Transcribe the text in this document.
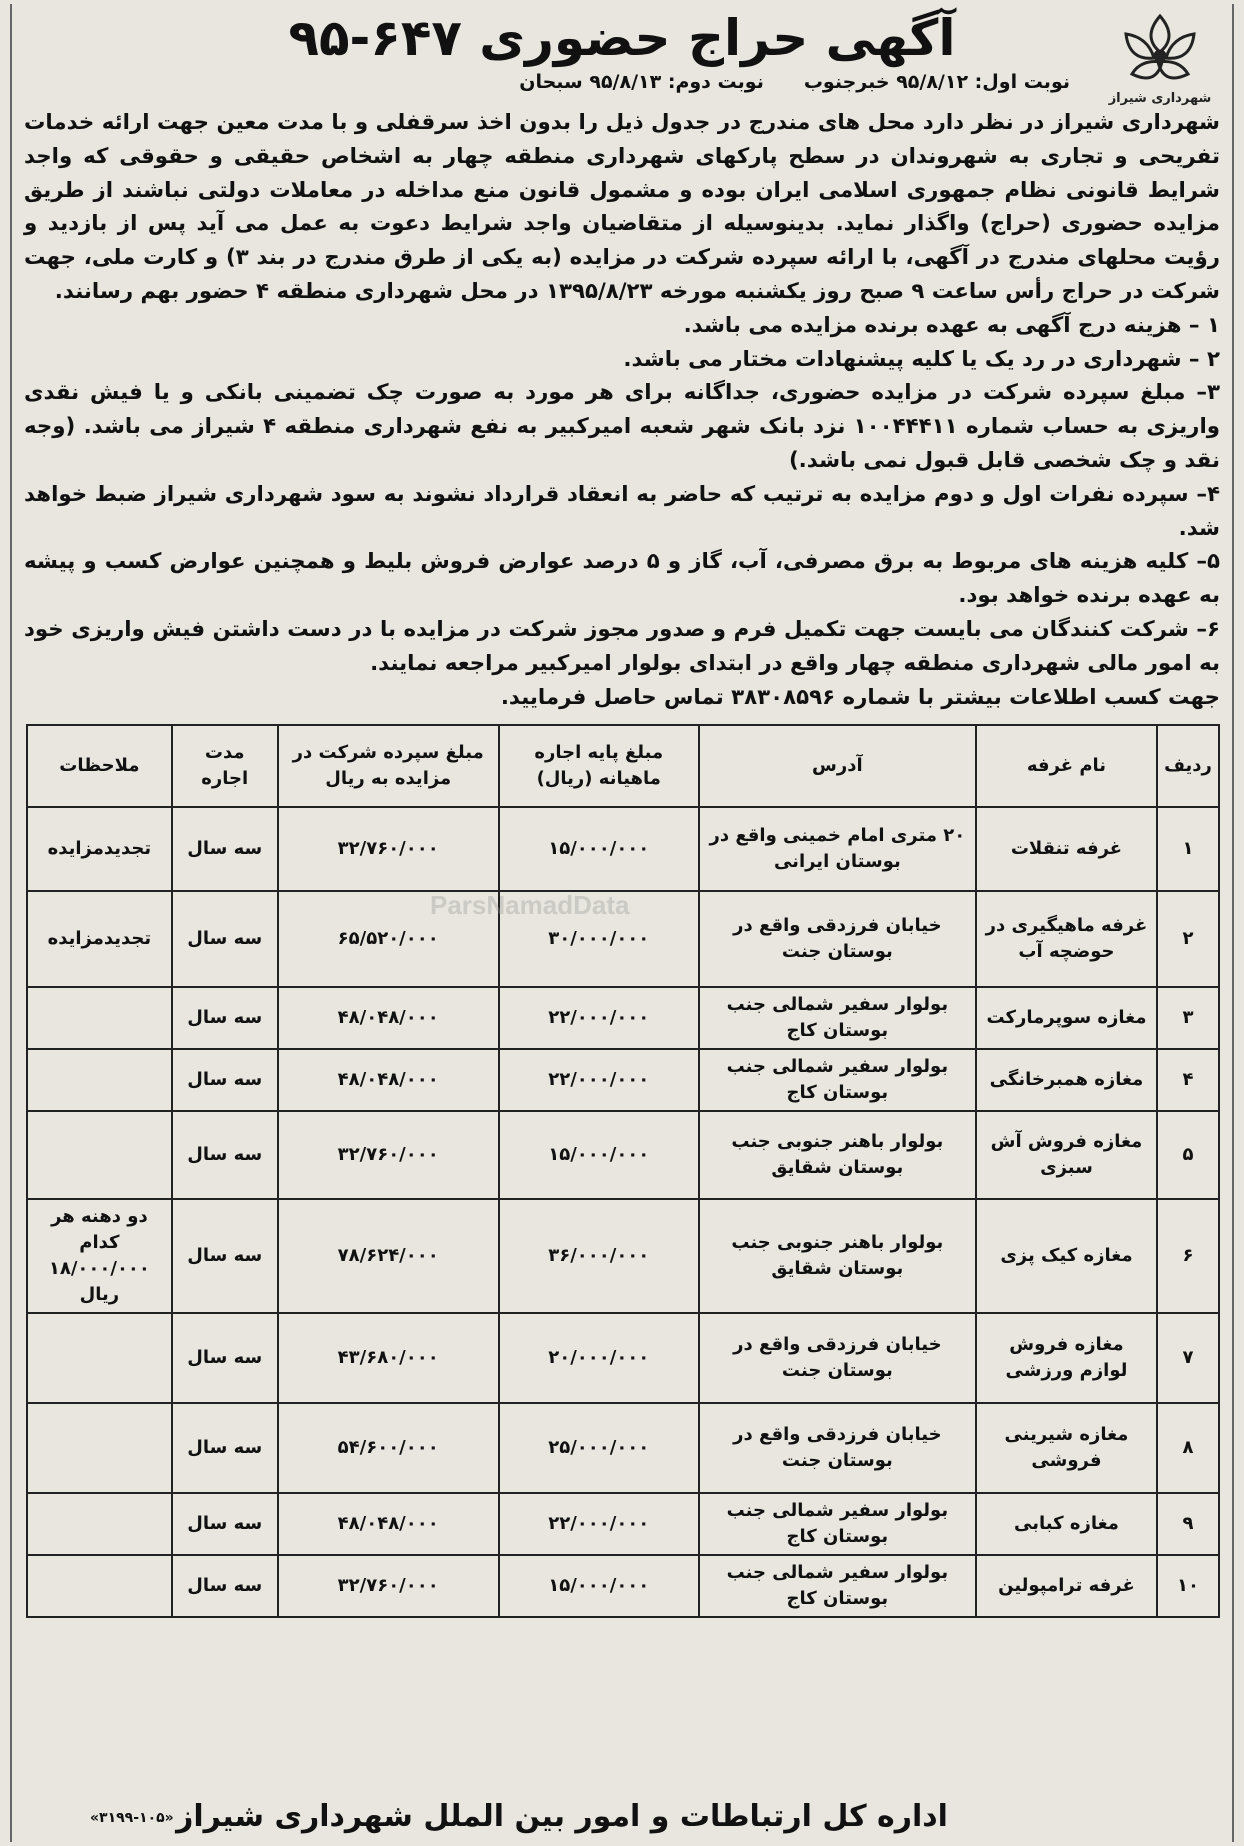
آگهی حراج حضوری ۶۴۷-۹۵
شهرداری شیراز
نوبت اول: ۹۵/۸/۱۲ خبرجنوب
نوبت دوم: ۹۵/۸/۱۳ سبحان

شهرداری شیراز در نظر دارد محل های مندرج در جدول ذیل را بدون اخذ سرقفلی و با مدت معین جهت ارائه خدمات تفریحی و تجاری به شهروندان در سطح پارکهای شهرداری منطقه چهار به اشخاص حقیقی و حقوقی که واجد شرایط قانونی نظام جمهوری اسلامی ایران بوده و مشمول قانون منع مداخله در معاملات دولتی نباشند از طریق مزایده حضوری (حراج) واگذار نماید. بدینوسیله از متقاضیان واجد شرایط دعوت به عمل می آید پس از بازدید و رؤیت محلهای مندرج در آگهی، با ارائه سپرده شرکت در مزایده (به یکی از طرق مندرج در بند ۳) و کارت ملی، جهت شرکت در حراج رأس ساعت ۹ صبح روز یکشنبه مورخه ۱۳۹۵/۸/۲۳ در محل شهرداری منطقه ۴ حضور بهم رسانند.

۱ – هزینه درج آگهی به عهده برنده مزایده می باشد.
۲ – شهرداری در رد یک یا کلیه پیشنهادات مختار می باشد.
۳– مبلغ سپرده شرکت در مزایده حضوری، جداگانه برای هر مورد به صورت چک تضمینی بانکی و یا فیش نقدی واریزی به حساب شماره ۱۰۰۴۴۴۱۱ نزد بانک شهر شعبه امیرکبیر به نفع شهرداری منطقه ۴ شیراز می باشد. (وجه نقد و چک شخصی قابل قبول نمی باشد.)
۴– سپرده نفرات اول و دوم مزایده به ترتیب که حاضر به انعقاد قرارداد نشوند به سود شهرداری شیراز ضبط خواهد شد.
۵– کلیه هزینه های مربوط به برق مصرفی، آب، گاز و ۵ درصد عوارض فروش بلیط و همچنین عوارض کسب و پیشه به عهده برنده خواهد بود.
۶– شرکت کنندگان می بایست جهت تکمیل فرم و صدور مجوز شرکت در مزایده با در دست داشتن فیش واریزی خود به امور مالی شهرداری منطقه چهار واقع در ابتدای بولوار امیرکبیر مراجعه نمایند.
جهت کسب اطلاعات بیشتر با شماره ۳۸۳۰۸۵۹۶ تماس حاصل فرمایید.
ردیف	نام غرفه	آدرس	مبلغ پایه اجاره ماهیانه (ریال)	مبلغ سپرده شرکت در مزایده به ریال	مدت اجاره	ملاحظات
۱	غرفه تنقلات	۲۰ متری امام خمینی واقع در بوستان ایرانی	۱۵/۰۰۰/۰۰۰	۳۲/۷۶۰/۰۰۰	سه سال	تجدیدمزایده
۲	غرفه ماهیگیری در حوضچه آب	خیابان فرزدقی واقع در بوستان جنت	۳۰/۰۰۰/۰۰۰	۶۵/۵۲۰/۰۰۰	سه سال	تجدیدمزایده
۳	مغازه سوپرمارکت	بولوار سفیر شمالی جنب بوستان کاج	۲۲/۰۰۰/۰۰۰	۴۸/۰۴۸/۰۰۰	سه سال	
۴	مغازه همبرخانگی	بولوار سفیر شمالی جنب بوستان کاج	۲۲/۰۰۰/۰۰۰	۴۸/۰۴۸/۰۰۰	سه سال	
۵	مغازه فروش آش سبزی	بولوار باهنر جنوبی جنب بوستان شقایق	۱۵/۰۰۰/۰۰۰	۳۲/۷۶۰/۰۰۰	سه سال	
۶	مغازه کیک پزی	بولوار باهنر جنوبی جنب بوستان شقایق	۳۶/۰۰۰/۰۰۰	۷۸/۶۲۴/۰۰۰	سه سال	دو دهنه هر کدام ۱۸/۰۰۰/۰۰۰ ریال
۷	مغازه فروش لوازم ورزشی	خیابان فرزدقی واقع در بوستان جنت	۲۰/۰۰۰/۰۰۰	۴۳/۶۸۰/۰۰۰	سه سال	
۸	مغازه شیرینی فروشی	خیابان فرزدقی واقع در بوستان جنت	۲۵/۰۰۰/۰۰۰	۵۴/۶۰۰/۰۰۰	سه سال	
۹	مغازه کبابی	بولوار سفیر شمالی جنب بوستان کاج	۲۲/۰۰۰/۰۰۰	۴۸/۰۴۸/۰۰۰	سه سال	
۱۰	غرفه ترامپولین	بولوار سفیر شمالی جنب بوستان کاج	۱۵/۰۰۰/۰۰۰	۳۲/۷۶۰/۰۰۰	سه سال	
ParsNamadData
اداره کل ارتباطات و امور بین الملل شهرداری شیراز
«۳۱۹۹-۱۰۵»
